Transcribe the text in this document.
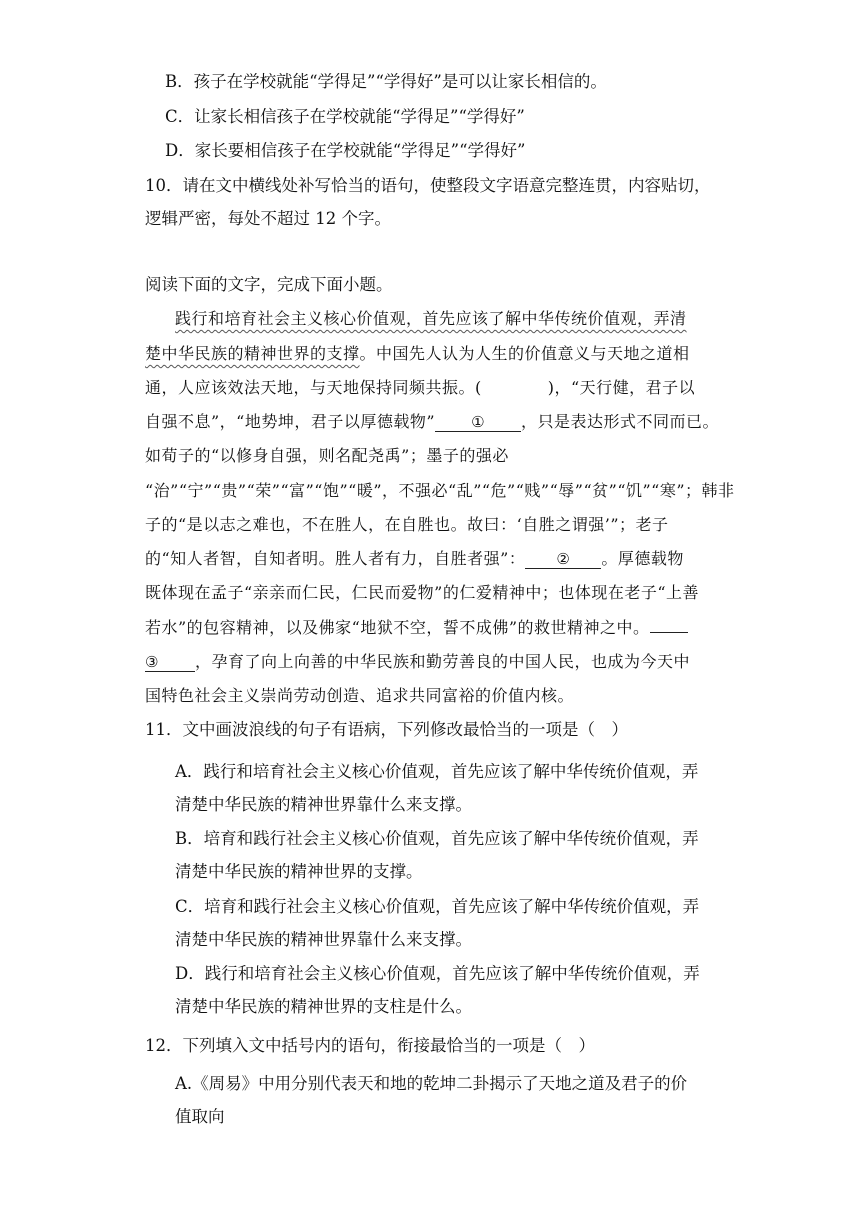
B．孩子在学校就能“学得足”“学得好”是可以让家长相信的。
C．让家长相信孩子在学校就能“学得足”“学得好”
D．家长要相信孩子在学校就能“学得足”“学得好”
10．请在文中横线处补写恰当的语句，使整段文字语意完整连贯，内容贴切，
逻辑严密，每处不超过 12 个字。
阅读下面的文字，完成下面小题。
践行和培育社会主义核心价值观，首先应该了解中华传统价值观，弄清
楚中华民族的精神世界的支撑。中国先人认为人生的价值意义与天地之道相
通，人应该效法天地，与天地保持同频共振。(　　　　)，“天行健，君子以
自强不息”，“地势坤，君子以厚德载物” ① ，只是表达形式不同而已。
如荀子的“以修身自强，则名配尧禹”；墨子的强必
“治”“宁”“贵”“荣”“富”“饱”“暖”，不强必“乱”“危”“贱”“辱”“贫”“饥”“寒”；韩非
子的“是以志之难也，不在胜人，在自胜也。故曰：‘自胜之谓强’”；老子
的“知人者智，自知者明。胜人者有力，自胜者强”： ② 。厚德载物
既体现在孟子“亲亲而仁民，仁民而爱物”的仁爱精神中；也体现在老子“上善
若水”的包容精神，以及佛家“地狱不空，誓不成佛”的救世精神之中。
③ ，孕育了向上向善的中华民族和勤劳善良的中国人民，也成为今天中
国特色社会主义崇尚劳动创造、追求共同富裕的价值内核。
11．文中画波浪线的句子有语病，下列修改最恰当的一项是（　）
A．践行和培育社会主义核心价值观，首先应该了解中华传统价值观，弄
清楚中华民族的精神世界靠什么来支撑。
B．培育和践行社会主义核心价值观，首先应该了解中华传统价值观，弄
清楚中华民族的精神世界的支撑。
C．培育和践行社会主义核心价值观，首先应该了解中华传统价值观，弄
清楚中华民族的精神世界靠什么来支撑。
D．践行和培育社会主义核心价值观，首先应该了解中华传统价值观，弄
清楚中华民族的精神世界的支柱是什么。
12．下列填入文中括号内的语句，衔接最恰当的一项是（　）
A.《周易》中用分别代表天和地的乾坤二卦揭示了天地之道及君子的价
值取向
